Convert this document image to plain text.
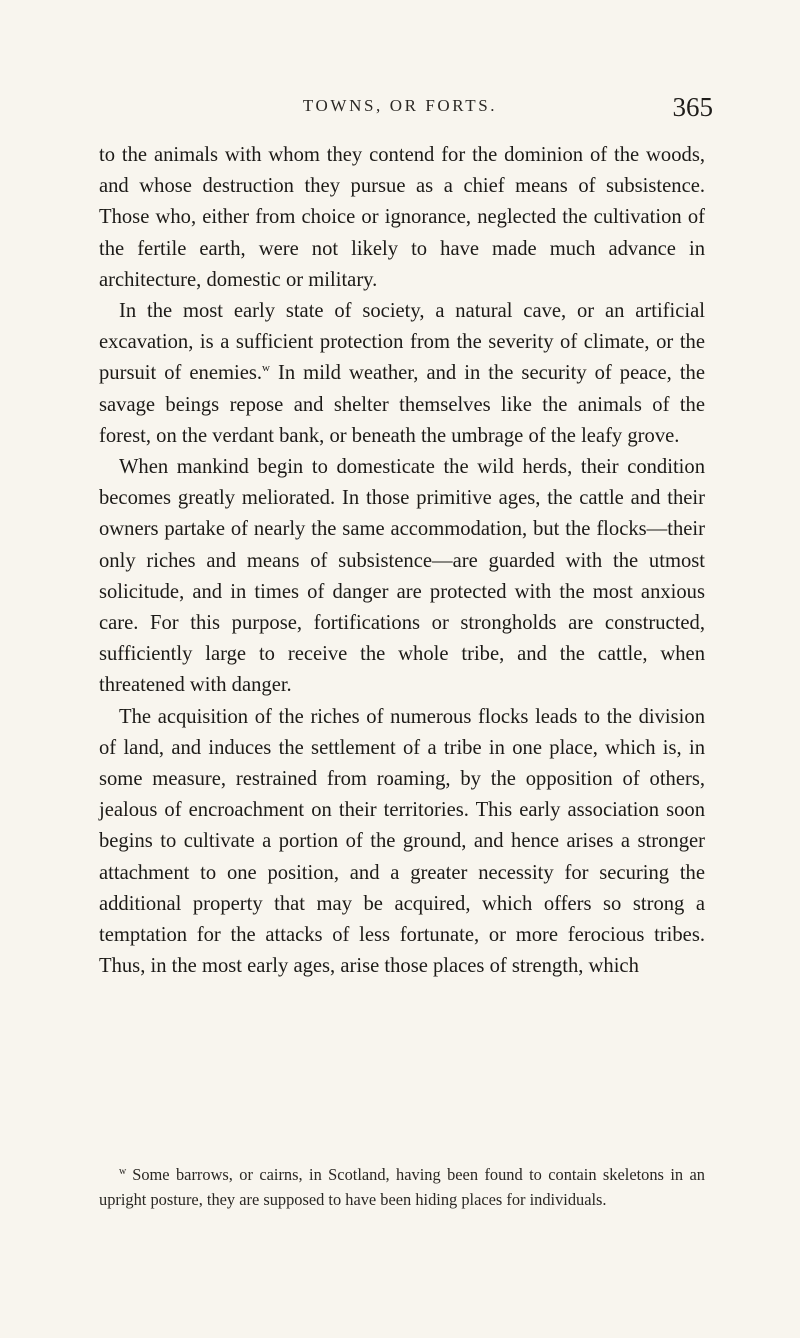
TOWNS, OR FORTS.	365

to the animals with whom they contend for the dominion of the woods, and whose destruction they pursue as a chief means of subsistence. Those who, either from choice or ignorance, neglected the cultivation of the fertile earth, were not likely to have made much advance in architecture, domestic or military.

In the most early state of society, a natural cave, or an artificial excavation, is a sufficient protection from the severity of climate, or the pursuit of enemies.$^w$ In mild weather, and in the security of peace, the savage beings repose and shelter themselves like the animals of the forest, on the verdant bank, or beneath the umbrage of the leafy grove.

When mankind begin to domesticate the wild herds, their condition becomes greatly meliorated. In those primitive ages, the cattle and their owners partake of nearly the same accommodation, but the flocks—their only riches and means of subsistence—are guarded with the utmost solicitude, and in times of danger are protected with the most anxious care. For this purpose, fortifications or strongholds are constructed, sufficiently large to receive the whole tribe, and the cattle, when threatened with danger.

The acquisition of the riches of numerous flocks leads to the division of land, and induces the settlement of a tribe in one place, which is, in some measure, restrained from roaming, by the opposition of others, jealous of encroachment on their territories. This early association soon begins to cultivate a portion of the ground, and hence arises a stronger attachment to one position, and a greater necessity for securing the additional property that may be acquired, which offers so strong a temptation for the attacks of less fortunate, or more ferocious tribes. Thus, in the most early ages, arise those places of strength, which

$^w$ Some barrows, or cairns, in Scotland, having been found to contain skeletons in an upright posture, they are supposed to have been hiding places for individuals.
